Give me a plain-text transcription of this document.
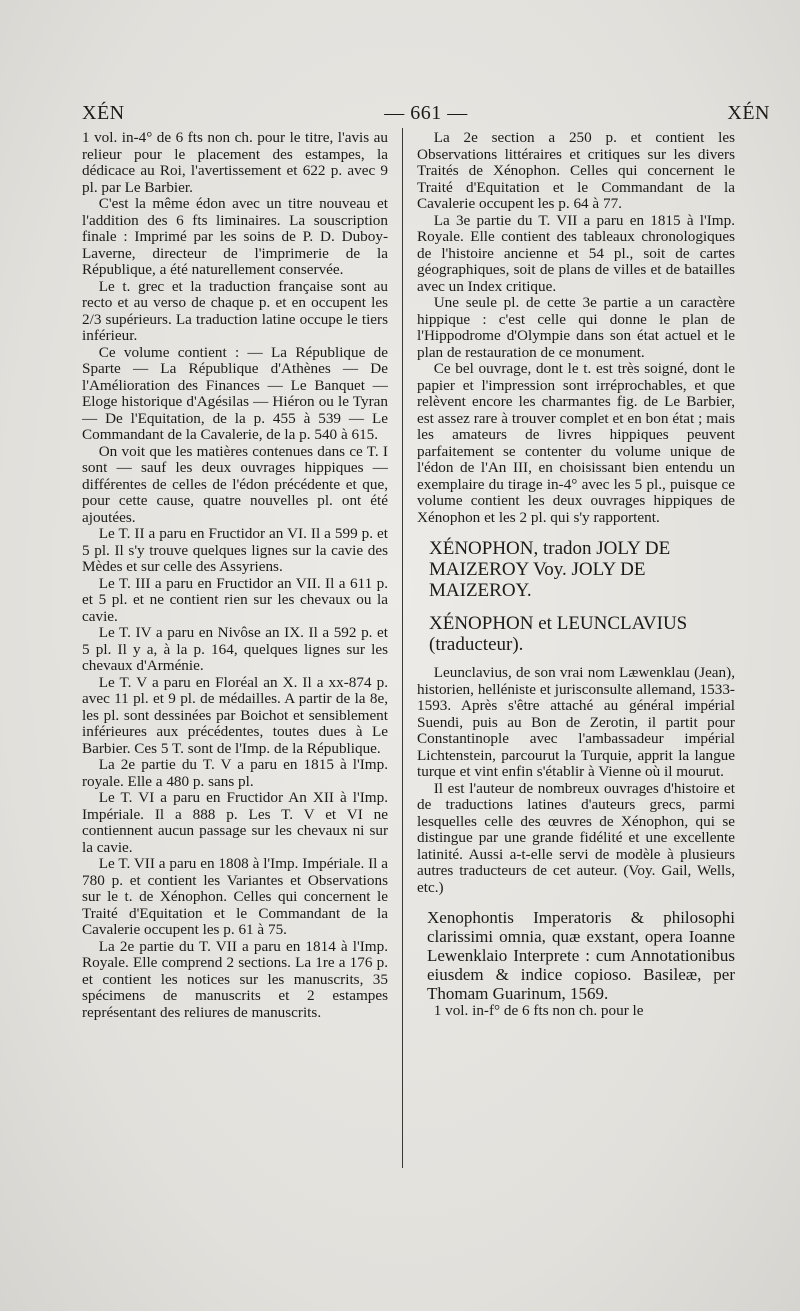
XÉN	— 661 —	XÉN

1 vol. in-4° de 6 fts non ch. pour le titre, l'avis au relieur pour le placement des estampes, la dédicace au Roi, l'avertissement et 622 p. avec 9 pl. par Le Barbier.

C'est la même édon avec un titre nouveau et l'addition des 6 fts liminaires. La souscription finale : Imprimé par les soins de P. D. Duboy-Laverne, directeur de l'imprimerie de la République, a été naturellement conservée.

Le t. grec et la traduction française sont au recto et au verso de chaque p. et en occupent les 2/3 supérieurs. La traduction latine occupe le tiers inférieur.

Ce volume contient : — La République de Sparte — La République d'Athènes — De l'Amélioration des Finances — Le Banquet — Eloge historique d'Agésilas — Hiéron ou le Tyran — De l'Equitation, de la p. 455 à 539 — Le Commandant de la Cavalerie, de la p. 540 à 615.

On voit que les matières contenues dans ce T. I sont — sauf les deux ouvrages hippiques — différentes de celles de l'édon précédente et que, pour cette cause, quatre nouvelles pl. ont été ajoutées.

Le T. II a paru en Fructidor an VI. Il a 599 p. et 5 pl. Il s'y trouve quelques lignes sur la cavie des Mèdes et sur celle des Assyriens.

Le T. III a paru en Fructidor an VII. Il a 611 p. et 5 pl. et ne contient rien sur les chevaux ou la cavie.

Le T. IV a paru en Nivôse an IX. Il a 592 p. et 5 pl. Il y a, à la p. 164, quelques lignes sur les chevaux d'Arménie.

Le T. V a paru en Floréal an X. Il a xx-874 p. avec 11 pl. et 9 pl. de médailles. A partir de la 8e, les pl. sont dessinées par Boichot et sensiblement inférieures aux précédentes, toutes dues à Le Barbier. Ces 5 T. sont de l'Imp. de la République.

La 2e partie du T. V a paru en 1815 à l'Imp. royale. Elle a 480 p. sans pl.

Le T. VI a paru en Fructidor An XII à l'Imp. Impériale. Il a 888 p. Les T. V et VI ne contiennent aucun passage sur les chevaux ni sur la cavie.

Le T. VII a paru en 1808 à l'Imp. Impériale. Il a 780 p. et contient les Variantes et Observations sur le t. de Xénophon. Celles qui concernent le Traité d'Equitation et le Commandant de la Cavalerie occupent les p. 61 à 75.

La 2e partie du T. VII a paru en 1814 à l'Imp. Royale. Elle comprend 2 sections. La 1re a 176 p. et contient les notices sur les manuscrits, 35 spécimens de manuscrits et 2 estampes représentant des reliures de manuscrits.

La 2e section a 250 p. et contient les Observations littéraires et critiques sur les divers Traités de Xénophon. Celles qui concernent le Traité d'Equitation et le Commandant de la Cavalerie occupent les p. 64 à 77.

La 3e partie du T. VII a paru en 1815 à l'Imp. Royale. Elle contient des tableaux chronologiques de l'histoire ancienne et 54 pl., soit de cartes géographiques, soit de plans de villes et de batailles avec un Index critique.

Une seule pl. de cette 3e partie a un caractère hippique : c'est celle qui donne le plan de l'Hippodrome d'Olympie dans son état actuel et le plan de restauration de ce monument.

Ce bel ouvrage, dont le t. est très soigné, dont le papier et l'impression sont irréprochables, et que relèvent encore les charmantes fig. de Le Barbier, est assez rare à trouver complet et en bon état ; mais les amateurs de livres hippiques peuvent parfaitement se contenter du volume unique de l'édon de l'An III, en choisissant bien entendu un exemplaire du tirage in-4° avec les 5 pl., puisque ce volume contient les deux ouvrages hippiques de Xénophon et les 2 pl. qui s'y rapportent.

XÉNOPHON, tradon JOLY DE MAIZEROY Voy. JOLY DE MAIZEROY.

XÉNOPHON et LEUNCLAVIUS (traducteur).

Leunclavius, de son vrai nom Læwenklau (Jean), historien, helléniste et jurisconsulte allemand, 1533-1593. Après s'être attaché au général impérial Suendi, puis au Bon de Zerotin, il partit pour Constantinople avec l'ambassadeur impérial Lichtenstein, parcourut la Turquie, apprit la langue turque et vint enfin s'établir à Vienne où il mourut.

Il est l'auteur de nombreux ouvrages d'histoire et de traductions latines d'auteurs grecs, parmi lesquelles celle des œuvres de Xénophon, qui se distingue par une grande fidélité et une excellente latinité. Aussi a-t-elle servi de modèle à plusieurs autres traducteurs de cet auteur. (Voy. Gail, Wells, etc.)

Xenophontis Imperatoris & philosophi clarissimi omnia, quæ exstant, opera Ioanne Lewenklaio Interprete : cum Annotationibus eiusdem & indice copioso. Basileæ, per Thomam Guarinum, 1569.

1 vol. in-f° de 6 fts non ch. pour le
